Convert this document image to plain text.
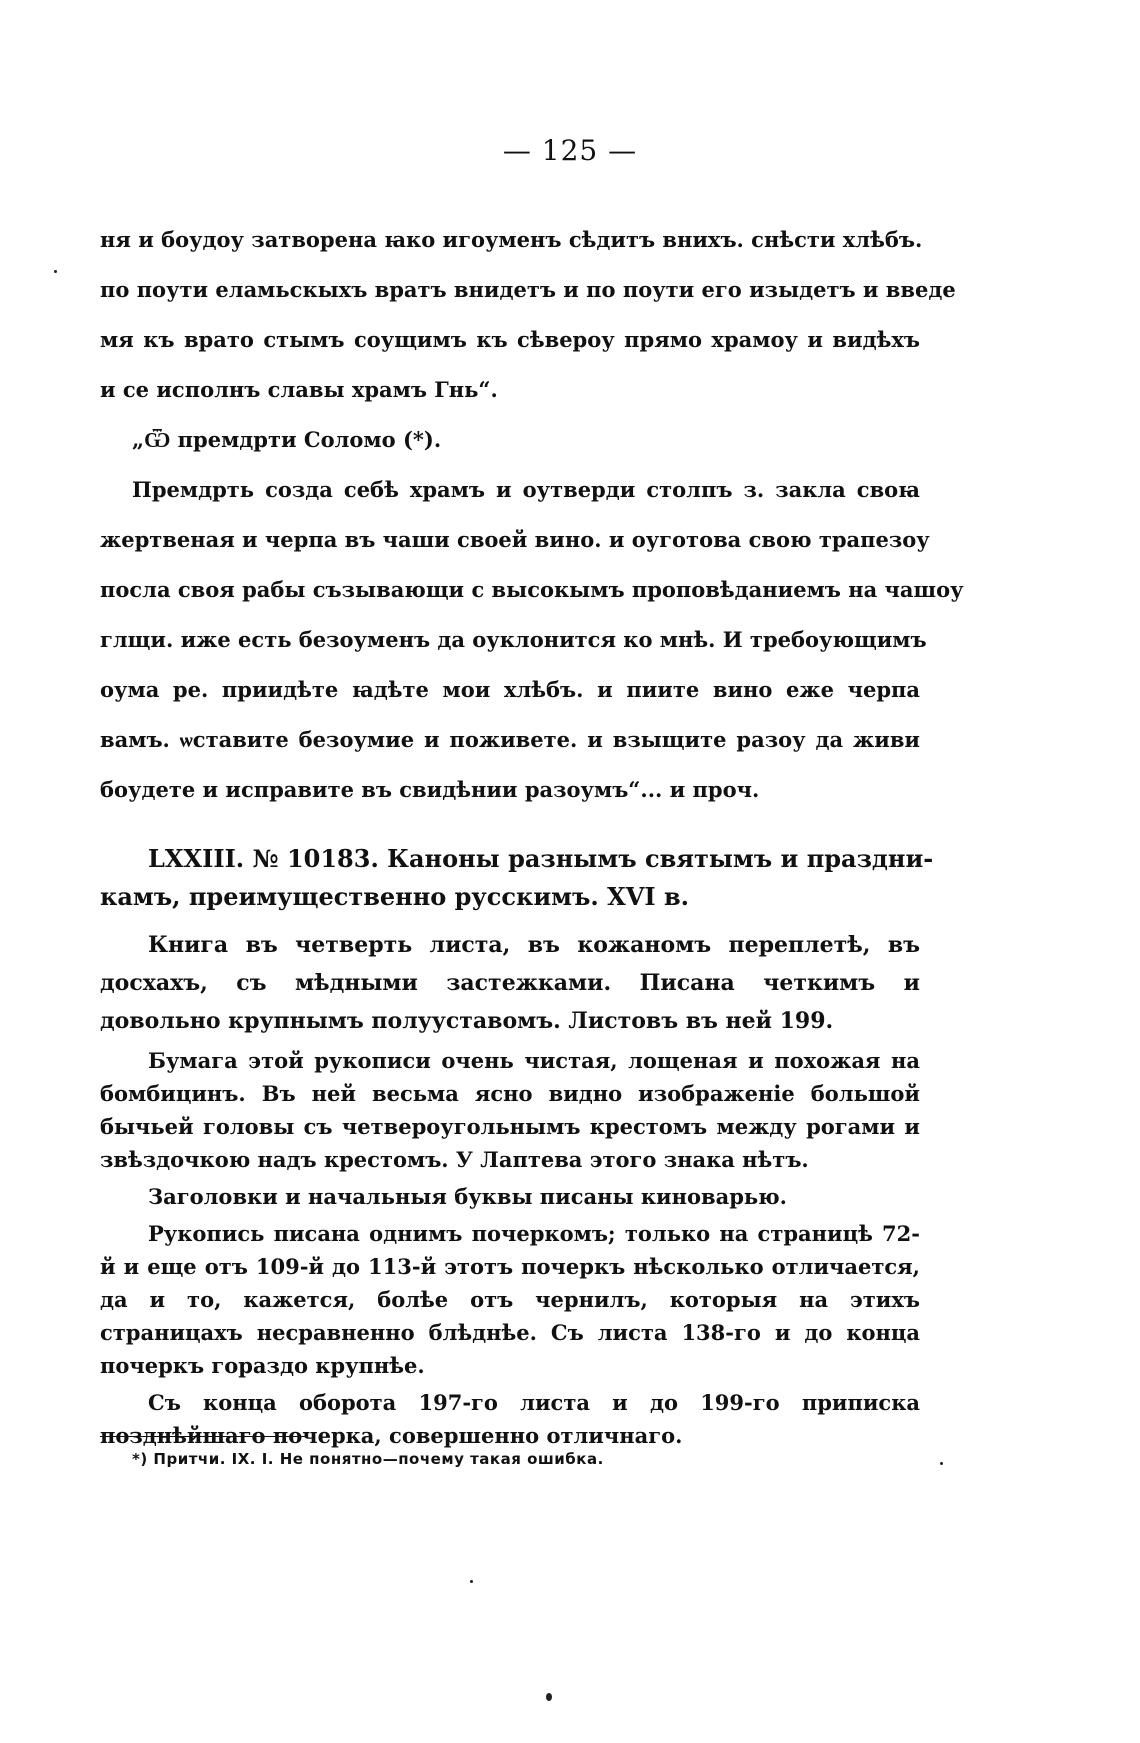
— 125 —
ня и боудоу затворена ꙗко игоуменъ сѣдитъ вниxъ. снѣсти хлѣбъ.
по поути еламьскыхъ вратъ внидетъ и по поути его изыдетъ и введе
мя къ врато стымъ соущимъ къ сѣвероу прямо храмоу и видѣхъ
и се исполнъ славы храмъ Гнь“.
„Ѿ премдрти Соломо (*).
Премдрть созда себѣ храмъ и оутверди столпъ з. закла своꙗ
жертвеная и черпа въ чаши своей вино. и оуготова свою трапезоу
посла своя рабы съзывающи с высокымъ проповѣданиемъ на чашоу
глщи. иже есть безоуменъ да оуклонится ко мнѣ. И требоующимъ
оума ре. приидѣте ꙗдѣте мои хлѣбъ. и пиите вино еже черпа
вамъ. ѡставите безоумие и поживете. и взыщите разоу да живи
боудете и исправите въ свидѣнии разоумъ“... и проч.
LXXIII. № 10183. Каноны разнымъ святымъ и праздни-
камъ, преимущественно русскимъ. XVI в.
Книга въ четверть листа, въ кожаномъ переплетѣ, въ досхахъ, съ мѣдными застежками. Писана четкимъ и довольно крупнымъ полууставомъ. Листовъ въ ней 199.
Бумага этой рукописи очень чистая, лощеная и похожая на бомбицинъ. Въ ней весьма ясно видно изображеніе большой бычьей головы съ четвероугольнымъ крестомъ между рогами и звѣздочкою надъ крестомъ. У Лаптева этого знака нѣтъ.
Заголовки и начальныя буквы писаны киноварью.
Рукопись писана однимъ почеркомъ; только на страницѣ 72-й и еще отъ 109-й до 113-й этотъ почеркъ нѣсколько отличается, да и то, кажется, болѣе отъ чернилъ, которыя на этихъ страницахъ несравненно блѣднѣе. Съ листа 138-го и до конца почеркъ гораздо крупнѣе.
Съ конца оборота 197-го листа и до 199-го приписка позднѣйшаго почерка, совершенно отличнаго.
*) Притчи. IX. I. Не понятно—почему такая ошибка.
